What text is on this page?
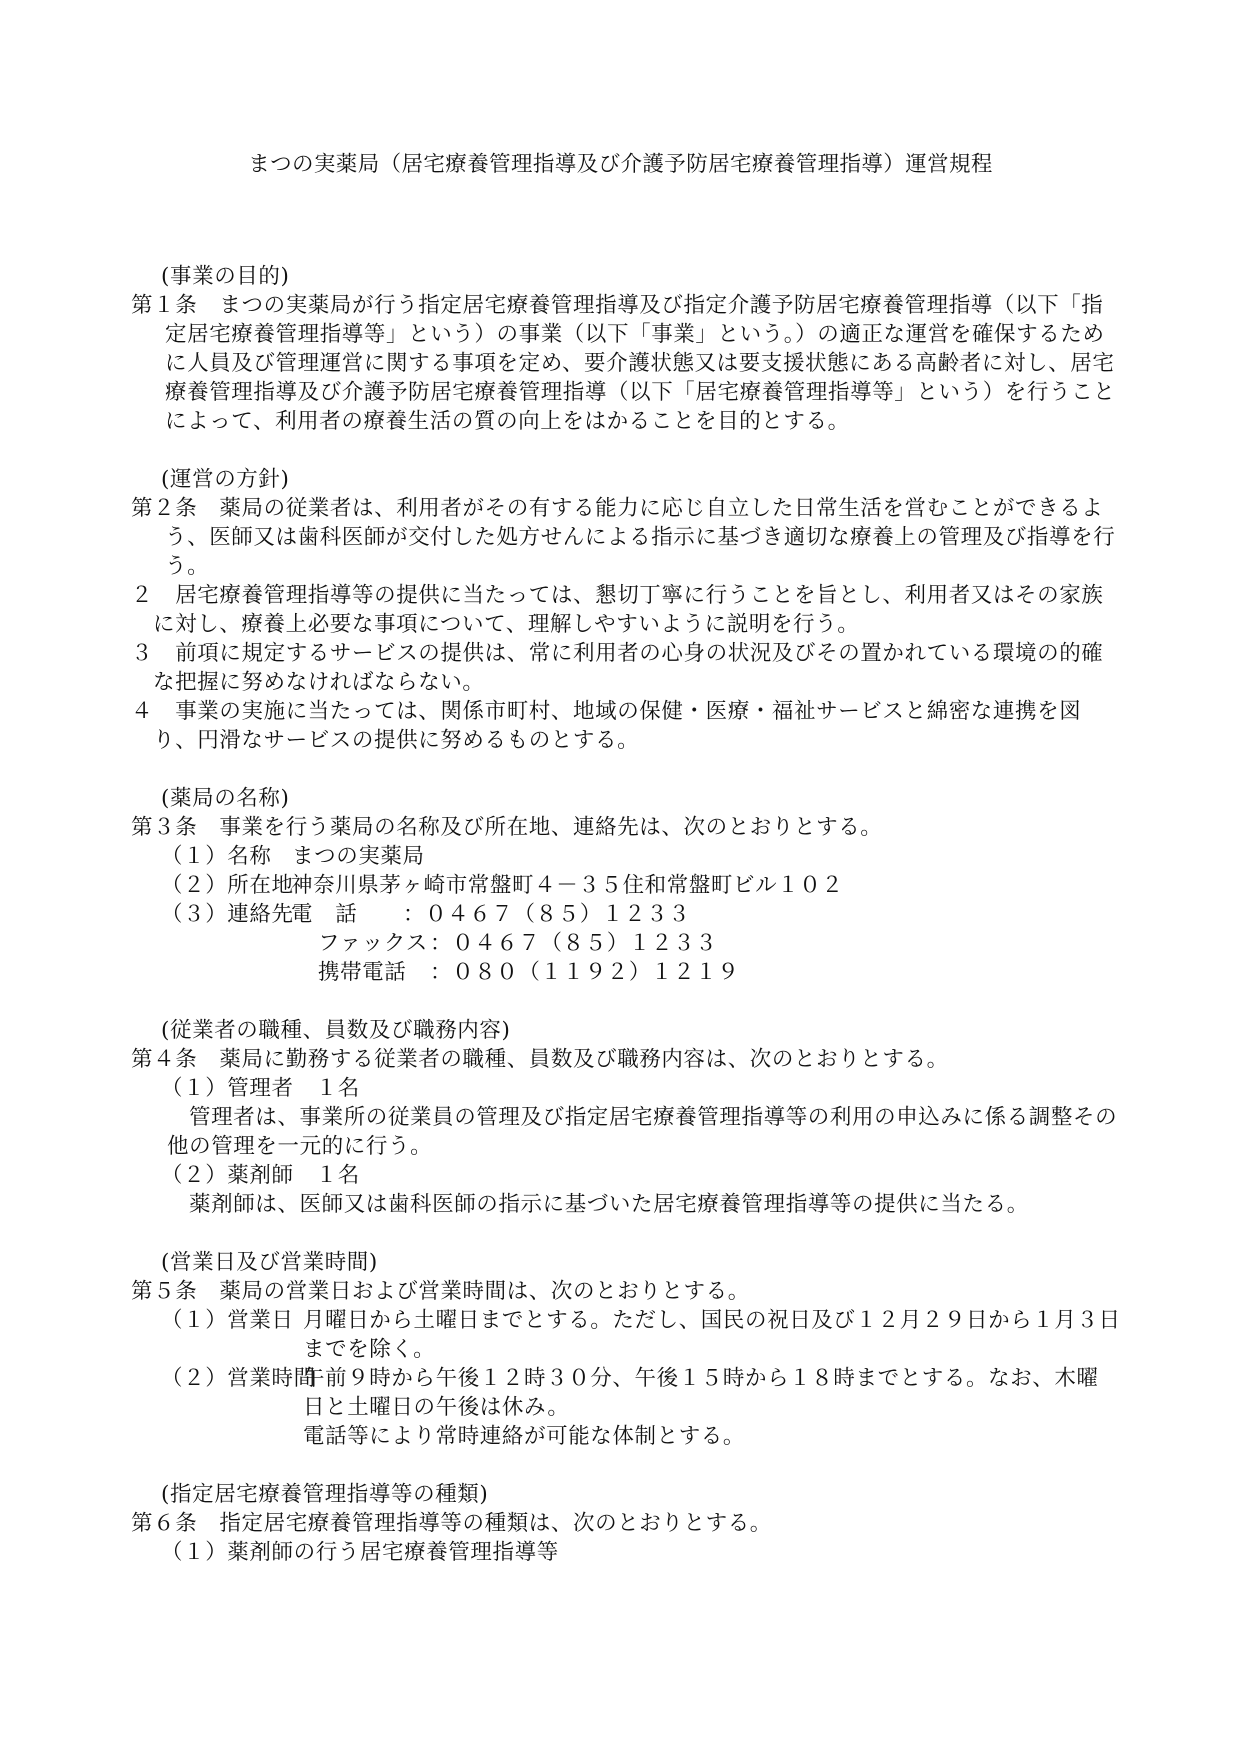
まつの実薬局（居宅療養管理指導及び介護予防居宅療養管理指導）運営規程
(事業の目的)
第１条　まつの実薬局が行う指定居宅療養管理指導及び指定介護予防居宅療養管理指導（以下「指定居宅療養管理指導等」という）の事業（以下「事業」という。）の適正な運営を確保するために人員及び管理運営に関する事項を定め、要介護状態又は要支援状態にある高齢者に対し、居宅療養管理指導及び介護予防居宅療養管理指導（以下「居宅療養管理指導等」という）を行うことによって、利用者の療養生活の質の向上をはかることを目的とする。
(運営の方針)
第２条　薬局の従業者は、利用者がその有する能力に応じ自立した日常生活を営むことができるよう、医師又は歯科医師が交付した処方せんによる指示に基づき適切な療養上の管理及び指導を行う。
２　居宅療養管理指導等の提供に当たっては、懇切丁寧に行うことを旨とし、利用者又はその家族に対し、療養上必要な事項について、理解しやすいように説明を行う。
３　前項に規定するサービスの提供は、常に利用者の心身の状況及びその置かれている環境の的確な把握に努めなければならない。
４　事業の実施に当たっては、関係市町村、地域の保健・医療・福祉サービスと綿密な連携を図り、円滑なサービスの提供に努めるものとする。
(薬局の名称)
第３条　事業を行う薬局の名称及び所在地、連絡先は、次のとおりとする。
（１）名称 まつの実薬局
（２）所在地神奈川県茅ヶ崎市常盤町４－３５住和常盤町ビル１０２
（３）連絡先電　話 ：０４６７（８５）１２３３
ファックス：０４６７（８５）１２３３
携帯電話 ：０８０（１１９２）１２１９
(従業者の職種、員数及び職務内容)
第４条　薬局に勤務する従業者の職種、員数及び職務内容は、次のとおりとする。
（１）管理者　１名
管理者は、事業所の従業員の管理及び指定居宅療養管理指導等の利用の申込みに係る調整その他の管理を一元的に行う。
（２）薬剤師　１名
薬剤師は、医師又は歯科医師の指示に基づいた居宅療養管理指導等の提供に当たる。
(営業日及び営業時間)
第５条　薬局の営業日および営業時間は、次のとおりとする。
（１）営業日 月曜日から土曜日までとする。ただし、国民の祝日及び１２月２９日から１月３日までを除く。
（２）営業時間
午前９時から午後１２時３０分、午後１５時から１８時までとする。なお、木曜日と土曜日の午後は休み。
電話等により常時連絡が可能な体制とする。
(指定居宅療養管理指導等の種類)
第６条　指定居宅療養管理指導等の種類は、次のとおりとする。
（１）薬剤師の行う居宅療養管理指導等
